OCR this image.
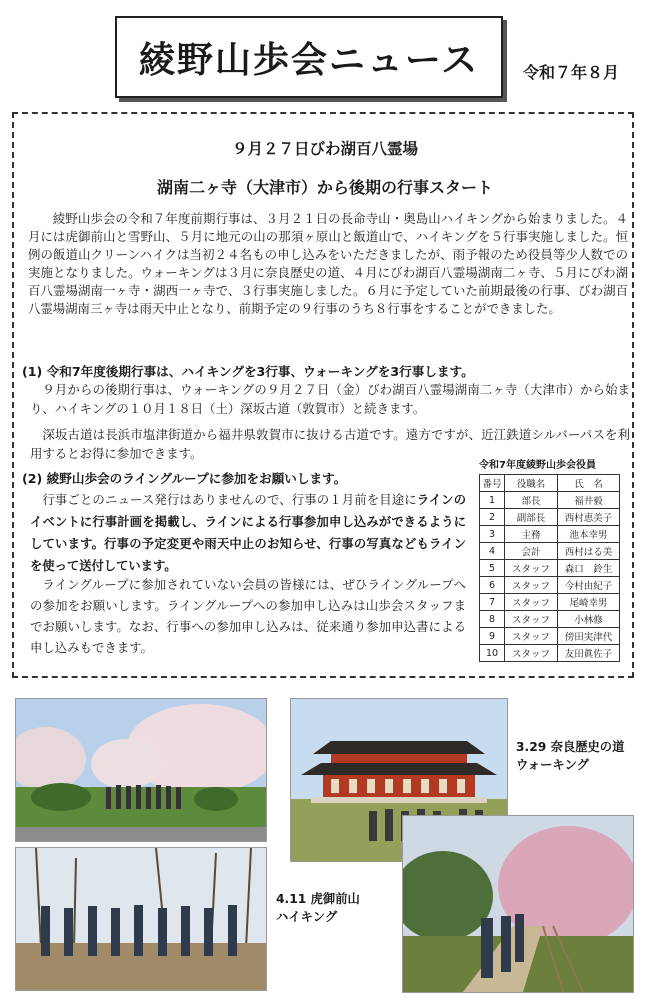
綾野山歩会ニュース	令和７年８月
９月２７日びわ湖百八霊場
湖南二ヶ寺（大津市）から後期の行事スタート

綾野山歩会の令和７年度前期行事は、３月２１日の長命寺山・奥島山ハイキングから始まりました。４月には虎御前山と雪野山、５月に地元の山の那須ヶ原山と飯道山で、ハイキングを５行事実施しました。恒例の飯道山クリーンハイクは当初２４名もの申し込みをいただきましたが、雨予報のため役員等少人数での実施となりました。ウォーキングは３月に奈良歴史の道、４月にびわ湖百八霊場湖南二ヶ寺、５月にびわ湖百八霊場湖南一ヶ寺・湖西一ヶ寺で、３行事実施しました。６月に予定していた前期最後の行事、びわ湖百八霊場湖南三ヶ寺は雨天中止となり、前期予定の９行事のうち８行事をすることができました。

(1) 令和7年度後期行事は、ハイキングを3行事、ウォーキングを3行事します。

９月からの後期行事は、ウォーキングの９月２７日（金）びわ湖百八霊場湖南二ヶ寺（大津市）から始まり、ハイキングの１０月１８日（土）深坂古道（敦賀市）と続きます。

深坂古道は長浜市塩津街道から福井県敦賀市に抜ける古道です。遠方ですが、近江鉄道シルバーパスを利用するとお得に参加できます。

(2) 綾野山歩会のライングループに参加をお願いします。

行事ごとのニュース発行はありませんので、行事の１月前を目途にラインのイベントに行事計画を掲載し、ラインによる行事参加申し込みができるようにしています。行事の予定変更や雨天中止のお知らせ、行事の写真などもラインを使って送付しています。

ライングループに参加されていない会員の皆様には、ぜひライングループへの参加をお願いします。ライングループへの参加申し込みは山歩会スタッフまでお願いします。なお、行事への参加申し込みは、従来通り参加申込書による申し込みもできます。

令和7年度綾野山歩会役員
番号	役職名	氏　名
1	部長	福井毅
2	副部長	西村恵美子
3	主務	池本幸男
4	会計	西村はる美
5	スタッフ	森口　鈴生
6	スタッフ	今村由紀子
7	スタッフ	尾崎幸男
8	スタッフ	小林修
9	スタッフ	傍田実津代
10	スタッフ	友田眞佐子
3.29 奈良歴史の道
ウォーキング
4.11 虎御前山
ハイキング
